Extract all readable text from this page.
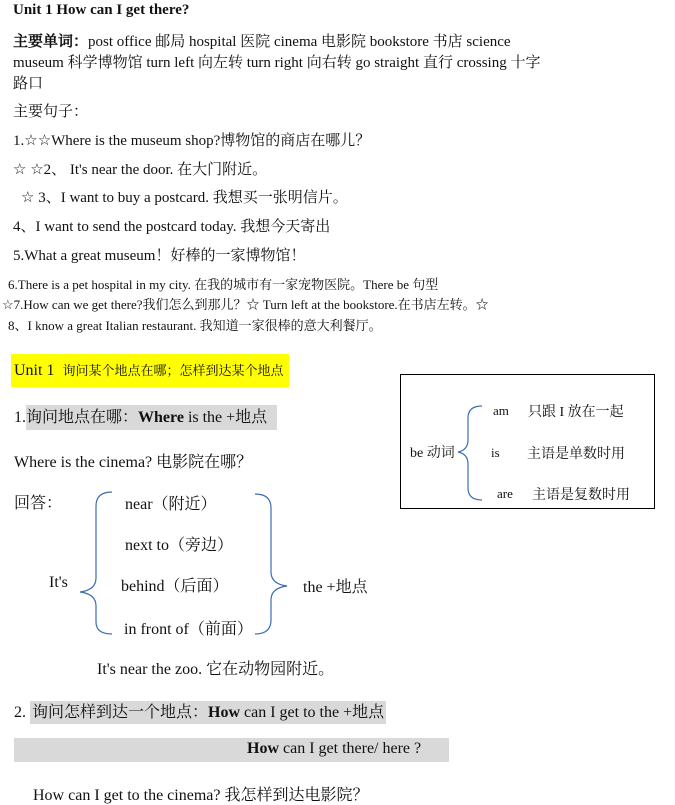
Unit 1 How can I get there?
主要单词：post office 邮局 hospital 医院 cinema 电影院 bookstore 书店 science
museum 科学博物馆 turn left 向左转 turn right 向右转 go straight 直行 crossing 十字
路口
主要句子：
1.☆☆Where is the museum shop?博物馆的商店在哪儿？
☆ ☆2、 It's near the door. 在大门附近。
☆ 3、I want to buy a postcard. 我想买一张明信片。
4、I want to send the postcard today. 我想今天寄出
5.What a great museum！好棒的一家博物馆！
6.There is a pet hospital in my city. 在我的城市有一家宠物医院。There be 句型
☆7.How can we get there?我们怎么到那儿？☆ Turn left at the bookstore.在书店左转。☆
8、I know a great Italian restaurant. 我知道一家很棒的意大利餐厅。
Unit 1 询问某个地点在哪；怎样到达某个地点
be 动词
am 只跟 I 放在一起
is 主语是单数时用
are 主语是复数时用
1.询问地点在哪：Where is the +地点
Where is the cinema? 电影院在哪？
回答：	near（附近）
next to（旁边）
behind（后面）
in front of（前面）
It's	the +地点
It's near the zoo. 它在动物园附近。
2. 询问怎样到达一个地点：How can I get to the +地点
How can I get there/ here ?
How can I get to the cinema? 我怎样到达电影院？
